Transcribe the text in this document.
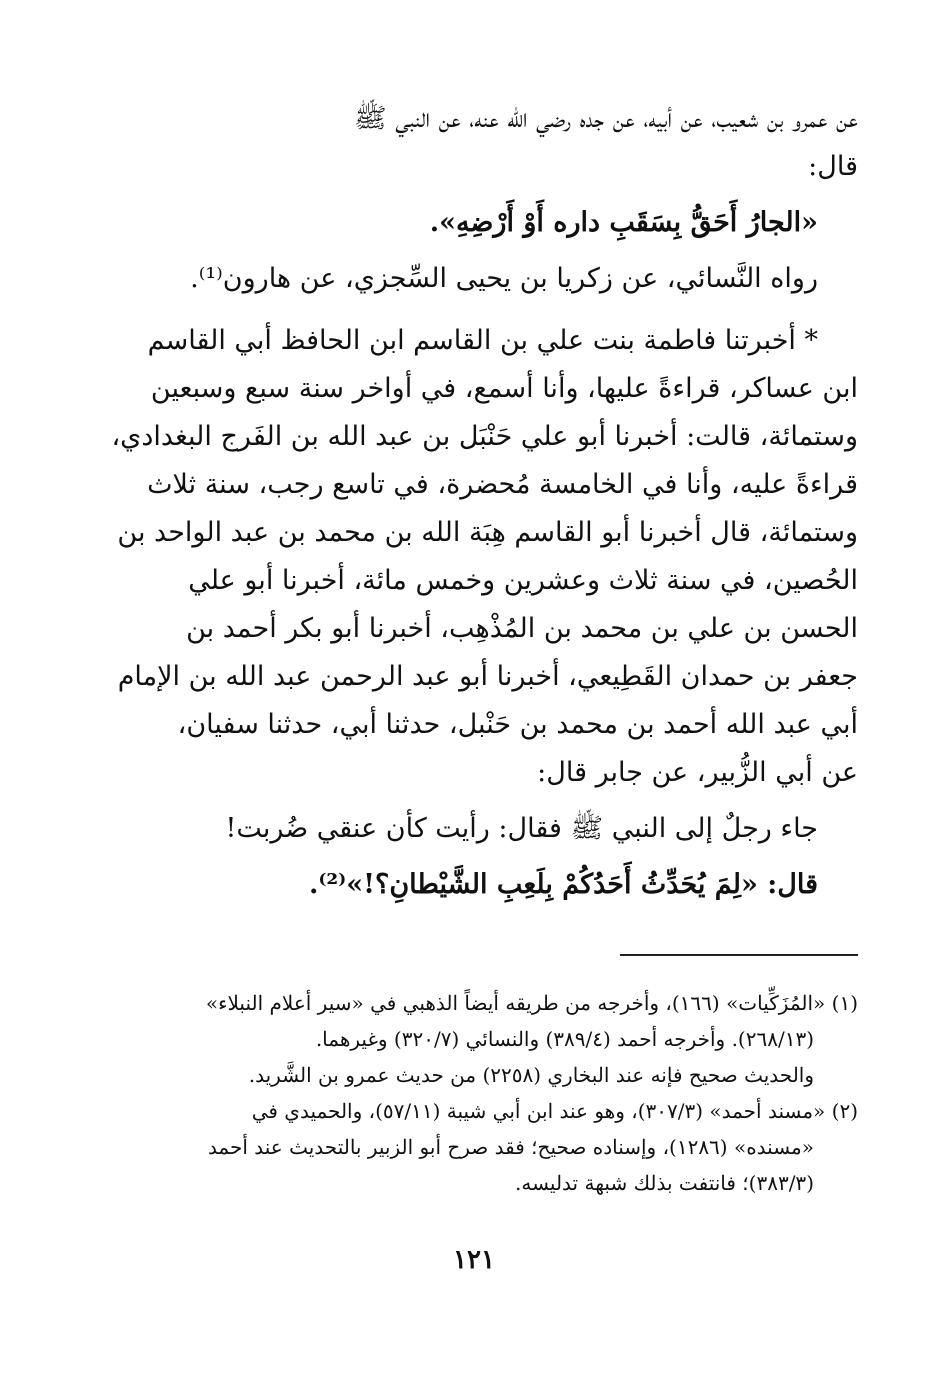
عن عمرو بن شعيب، عن أبيه، عن جده رضي الله عنه، عن النبي ﷺ
قال:
«الجارُ أَحَقُّ بِسَقَبِ داره أَوْ أَرْضِهِ».
رواه النَّسائي، عن زكريا بن يحيى السِّجزي، عن هارون⁽¹⁾.
* أخبرتنا فاطمة بنت علي بن القاسم ابن الحافظ أبي القاسم
ابن عساكر، قراءةً عليها، وأنا أسمع، في أواخر سنة سبع وسبعين
وستمائة، قالت: أخبرنا أبو علي حَنْبَل بن عبد الله بن الفَرج البغدادي،
قراءةً عليه، وأنا في الخامسة مُحضرة، في تاسع رجب، سنة ثلاث
وستمائة، قال أخبرنا أبو القاسم هِبَة الله بن محمد بن عبد الواحد بن
الحُصين، في سنة ثلاث وعشرين وخمس مائة، أخبرنا أبو علي
الحسن بن علي بن محمد بن المُذْهِب، أخبرنا أبو بكر أحمد بن
جعفر بن حمدان القَطِيعي، أخبرنا أبو عبد الرحمن عبد الله بن الإمام
أبي عبد الله أحمد بن محمد بن حَنْبل، حدثنا أبي، حدثنا سفيان،
عن أبي الزُّبير، عن جابر قال:
جاء رجلٌ إلى النبي ﷺ فقال: رأيت كأن عنقي ضُربت!
قال: «لِمَ يُحَدِّثُ أَحَدُكُمْ بِلَعِبِ الشَّيْطانِ؟!»⁽²⁾.
(١) «المُزَكِّيات» (١٦٦)، وأخرجه من طريقه أيضاً الذهبي في «سير أعلام النبلاء»
(٢٦٨/١٣). وأخرجه أحمد (٣٨٩/٤) والنسائي (٣٢٠/٧) وغيرهما.
والحديث صحيح فإنه عند البخاري (٢٢٥٨) من حديث عمرو بن الشَّريد.
(٢) «مسند أحمد» (٣٠٧/٣)، وهو عند ابن أبي شيبة (٥٧/١١)، والحميدي في
«مسنده» (١٢٨٦)، وإسناده صحيح؛ فقد صرح أبو الزبير بالتحديث عند أحمد
(٣٨٣/٣)؛ فانتفت بذلك شبهة تدليسه.
١٢١
